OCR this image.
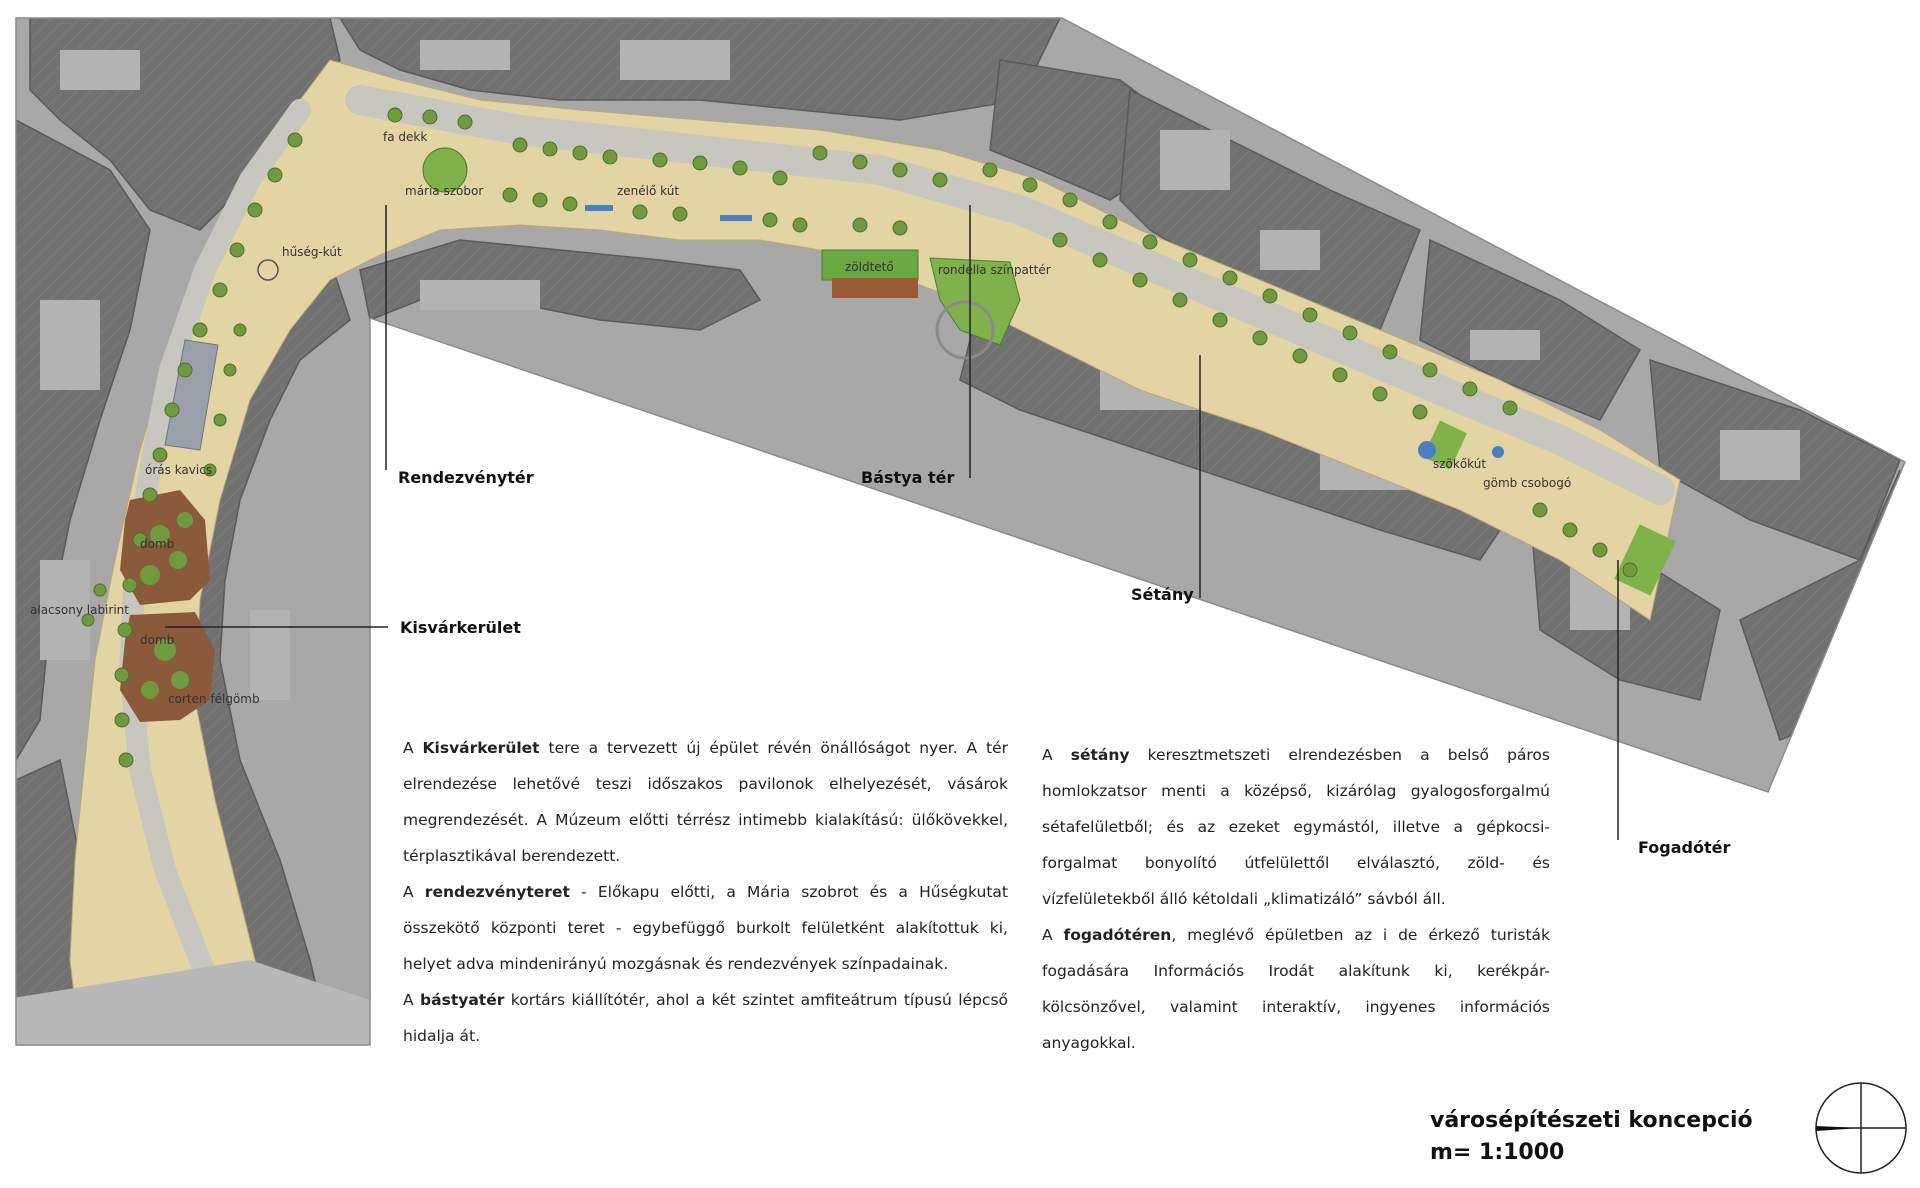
fa dekk
mária szobor	zenélő kút
hűség-kút
zöldtető	rondella színpattér
órás kavics
domb
alacsony labirint
domb
corten félgömb
szökőkút
gömb csobogó
Rendezvénytér	Bástya tér
Kisvárkerület
Sétány
Fogadótér

A Kisvárkerület tere a tervezett új épület révén önállóságot nyer. A tér elrendezése lehetővé teszi időszakos pavilonok elhelyezését, vásárok megrendezését. A Múzeum előtti térrész intimebb kialakítású: ülőkövekkel, térplasztikával berendezett.

A rendezvényteret - Előkapu előtti, a Mária szobrot és a Hűségkutat összekötő központi teret - egybefüggő burkolt felületként alakítottuk ki, helyet adva mindenirányú mozgásnak és rendezvények színpadainak.

A bástyatér kortárs kiállítótér, ahol a két szintet amfiteátrum típusú lépcső hidalja át.

A sétány keresztmetszeti elrendezésben a belső páros homlokzatsor menti a középső, kizárólag gyalogosforgalmú sétafelületből; és az ezeket egymástól, illetve a gépkocsi-forgalmat bonyolító útfelülettől elválasztó, zöld- és vízfelületekből álló kétoldali „klimatizáló” sávból áll.

A fogadótéren, meglévő épületben az i de érkező turisták fogadására Információs Irodát alakítunk ki, kerékpár-kölcsönzővel, valamint interaktív, ingyenes információs anyagokkal.

városépítészeti koncepció
m= 1:1000
